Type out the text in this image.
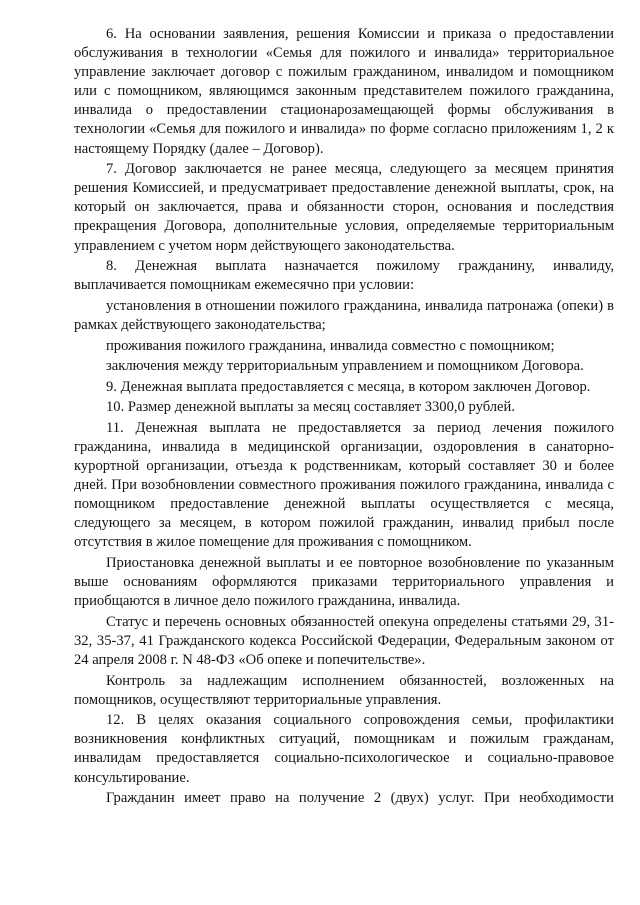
6. На основании заявления, решения Комиссии и приказа о предоставлении обслуживания в технологии «Семья для пожилого и инвалида» территориальное управление заключает договор с пожилым гражданином, инвалидом и помощником или с помощником, являющимся законным представителем пожилого гражданина, инвалида о предоставлении стационарозамещающей формы обслуживания в технологии «Семья для пожилого и инвалида» по форме согласно приложениям 1, 2 к настоящему Порядку (далее – Договор).

7. Договор заключается не ранее месяца, следующего за месяцем принятия решения Комиссией, и предусматривает предоставление денежной выплаты, срок, на который он заключается, права и обязанности сторон, основания и последствия прекращения Договора, дополнительные условия, определяемые территориальным управлением с учетом норм действующего законодательства.

8. Денежная выплата назначается пожилому гражданину, инвалиду, выплачивается помощникам ежемесячно при условии:

установления в отношении пожилого гражданина, инвалида патронажа (опеки) в рамках действующего законодательства;

проживания пожилого гражданина, инвалида совместно с помощником;

заключения между территориальным управлением и помощником Договора.

9. Денежная выплата предоставляется с месяца, в котором заключен Договор.

10. Размер денежной выплаты за месяц составляет 3300,0 рублей.

11. Денежная выплата не предоставляется за период лечения пожилого гражданина, инвалида в медицинской организации, оздоровления в санаторно-курортной организации, отъезда к родственникам, который составляет 30 и более дней. При возобновлении совместного проживания пожилого гражданина, инвалида с помощником предоставление денежной выплаты осуществляется с месяца, следующего за месяцем, в котором пожилой гражданин, инвалид прибыл после отсутствия в жилое помещение для проживания с помощником.

Приостановка денежной выплаты и ее повторное возобновление по указанным выше основаниям оформляются приказами территориального управления и приобщаются в личное дело пожилого гражданина, инвалида.

Статус и перечень основных обязанностей опекуна определены статьями 29, 31-32, 35-37, 41 Гражданского кодекса Российской Федерации, Федеральным законом от 24 апреля 2008 г. N 48-ФЗ «Об опеке и попечительстве».

Контроль за надлежащим исполнением обязанностей, возложенных на помощников, осуществляют территориальные управления.

12. В целях оказания социального сопровождения семьи, профилактики возникновения конфликтных ситуаций, помощникам и пожилым гражданам, инвалидам предоставляется социально-психологическое и социально-правовое консультирование.

Гражданин имеет право на получение 2 (двух) услуг. При необходимости
